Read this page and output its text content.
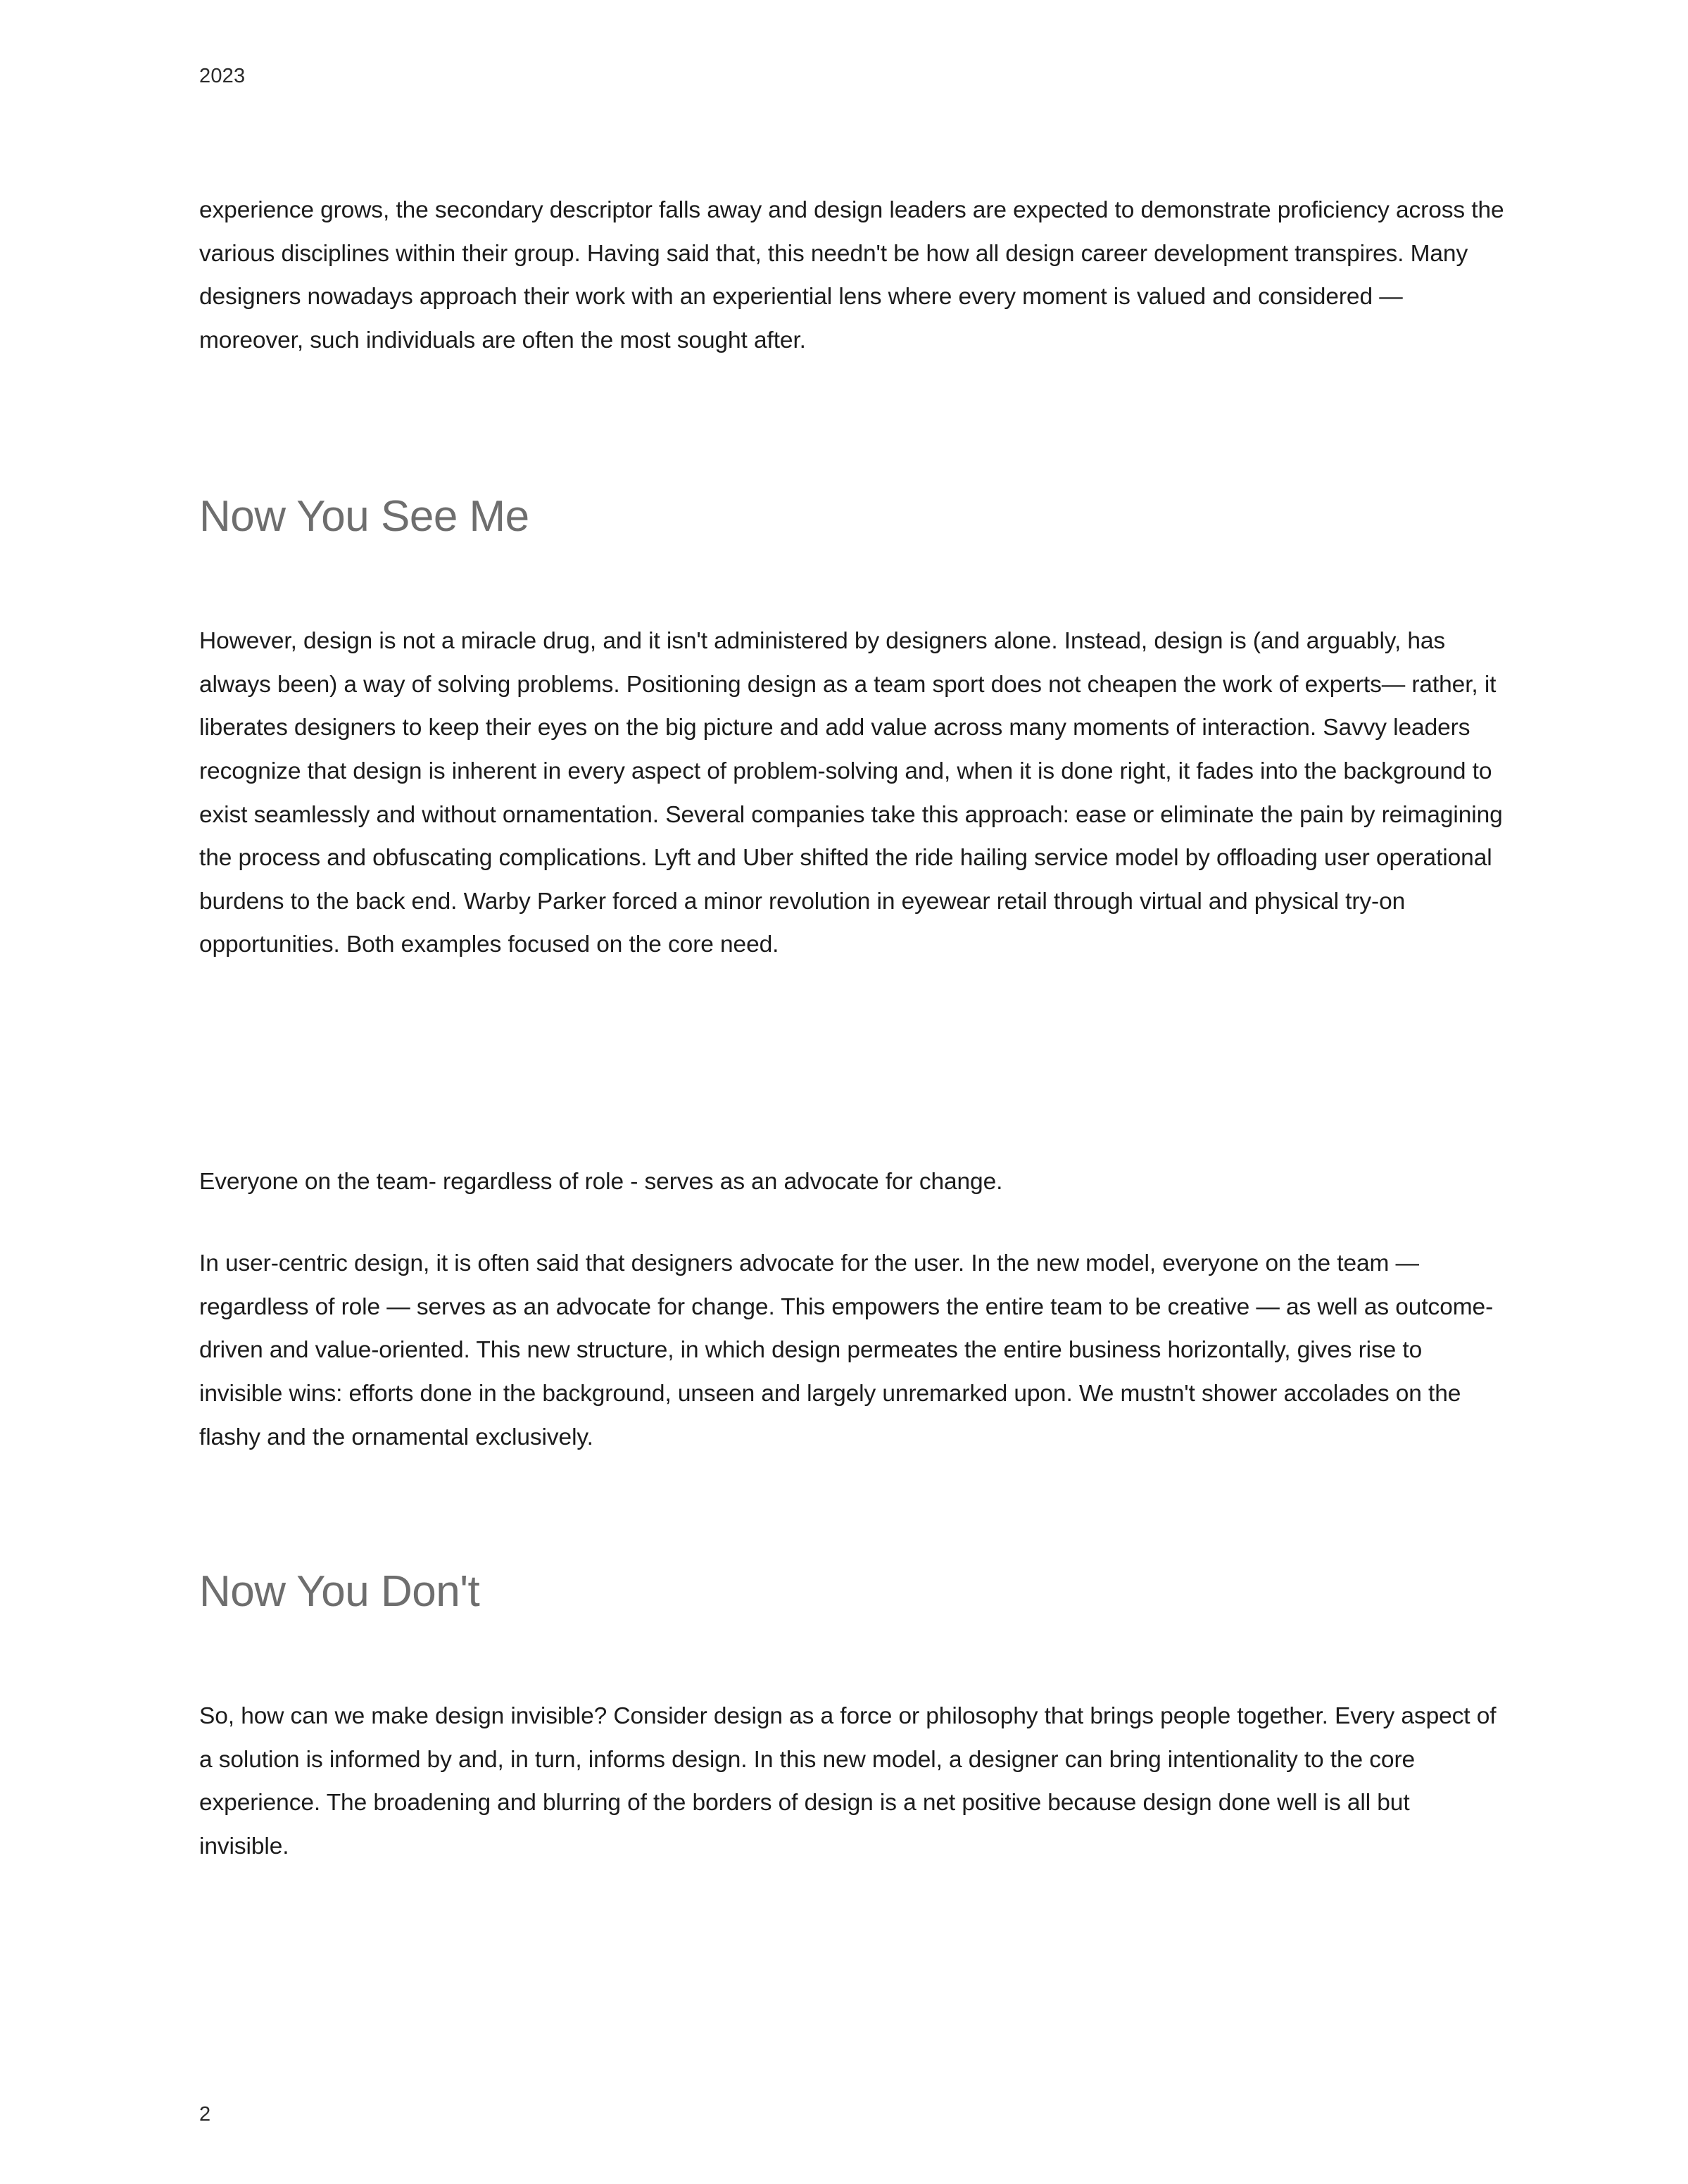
2023

experience grows, the secondary descriptor falls away and design leaders are expected to demonstrate proficiency across the various disciplines within their group. Having said that, this needn't be how all design career development transpires. Many designers nowadays approach their work with an experiential lens where every moment is valued and considered — moreover, such individuals are often the most sought after.

Now You See Me

However, design is not a miracle drug, and it isn't administered by designers alone. Instead, design is (and arguably, has always been) a way of solving problems. Positioning design as a team sport does not cheapen the work of experts— rather, it liberates designers to keep their eyes on the big picture and add value across many moments of interaction. Savvy leaders recognize that design is inherent in every aspect of problem-solving and, when it is done right, it fades into the background to exist seamlessly and without ornamentation. Several companies take this approach: ease or eliminate the pain by reimagining the process and obfuscating complications. Lyft and Uber shifted the ride hailing service model by offloading user operational burdens to the back end. Warby Parker forced a minor revolution in eyewear retail through virtual and physical try-on opportunities. Both examples focused on the core need.

Everyone on the team- regardless of role - serves as an advocate for change.

In user-centric design, it is often said that designers advocate for the user. In the new model, everyone on the team — regardless of role — serves as an advocate for change. This empowers the entire team to be creative — as well as outcome-driven and value-oriented. This new structure, in which design permeates the entire business horizontally, gives rise to invisible wins: efforts done in the background, unseen and largely unremarked upon. We mustn't shower accolades on the flashy and the ornamental exclusively.

Now You Don't

So, how can we make design invisible? Consider design as a force or philosophy that brings people together. Every aspect of a solution is informed by and, in turn, informs design. In this new model, a designer can bring intentionality to the core experience. The broadening and blurring of the borders of design is a net positive because design done well is all but invisible.

2
